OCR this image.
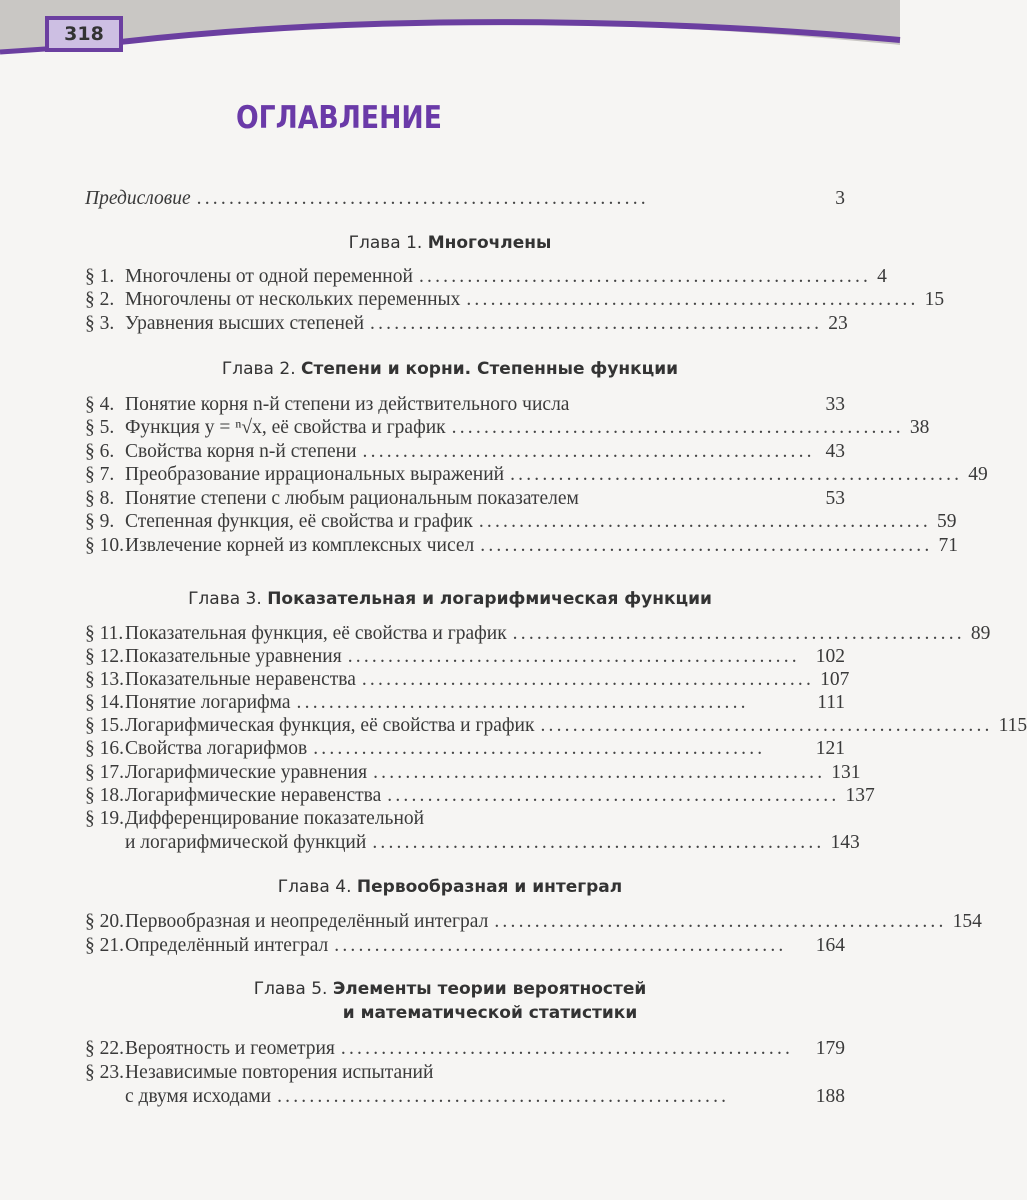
318
ОГЛАВЛЕНИЕ
Предисловие ........................................................	3
Глава 1. Многочлены
§ 1. Многочлены от одной переменной ........................................................ 4
§ 2. Многочлены от нескольких переменных ........................................................ 15
§ 3. Уравнения высших степеней ........................................................ 23
Глава 2. Степени и корни. Степенные функции
§ 4. Понятие корня n-й степени из действительного числа	33
§ 5. Функция y = ⁿ√x, её свойства и график ........................................................ 38
§ 6. Свойства корня n-й степени ........................................................ 43
§ 7. Преобразование иррациональных выражений ........................................................ 49
§ 8. Понятие степени с любым рациональным показателем	53
§ 9. Степенная функция, её свойства и график ........................................................ 59
§ 10. Извлечение корней из комплексных чисел ........................................................ 71
Глава 3. Показательная и логарифмическая функции
§ 11. Показательная функция, её свойства и график ........................................................ 89
§ 12. Показательные уравнения ........................................................ 102
§ 13. Показательные неравенства ........................................................ 107
§ 14. Понятие логарифма ........................................................	111
§ 15. Логарифмическая функция, её свойства и график ........................................................ 115
§ 16. Свойства логарифмов ........................................................	121
§ 17. Логарифмические уравнения ........................................................ 131
§ 18. Логарифмические неравенства ........................................................ 137
§ 19. Дифференцирование показательной
и логарифмической функций ........................................................ 143
Глава 4. Первообразная и интеграл
§ 20. Первообразная и неопределённый интеграл ........................................................ 154
§ 21. Определённый интеграл ........................................................	164
Глава 5. Элементы теории вероятностей
и математической статистики
§ 22. Вероятность и геометрия ........................................................	179
§ 23. Независимые повторения испытаний
с двумя исходами ........................................................	188
